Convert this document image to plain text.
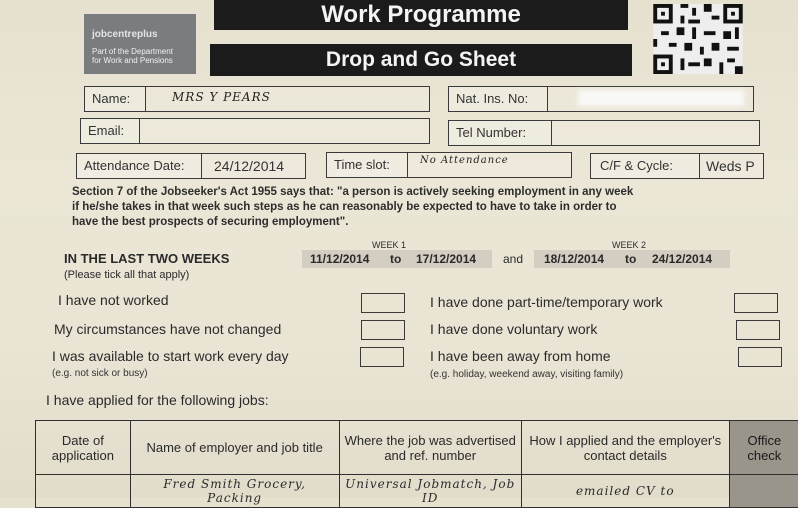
jobcentreplus
Part of the Department
for Work and Pensions
Work Programme
Drop and Go Sheet
Name:	MRS Y PEARS	Nat. Ins. No:
Email:	Tel Number:
Attendance Date: 24/12/2014	Time slot:	No Attendance	C/F & Cycle: Weds P
Section 7 of the Jobseeker's Act 1955 says that: "a person is actively seeking employment in any week
if he/she takes in that week such steps as he can reasonably be expected to have to take in order to
have the best prospects of securing employment".
IN THE LAST TWO WEEKS
(Please tick all that apply)
WEEK 1
11/12/2014 to 17/12/2014 and
WEEK 2
18/12/2014 to 24/12/2014
I have not worked
My circumstances have not changed
I was available to start work every day
(e.g. not sick or busy)
I have done part-time/temporary work
I have done voluntary work
I have been away from home
(e.g. holiday, weekend away, visiting family)
I have applied for the following jobs:
Date of application	Name of employer and job title	Where the job was advertised and ref. number	How I applied and the employer's contact details	Office check
	Fred Smith Grocery, Packing	Universal Jobmatch, Job ID	emailed CV to	
